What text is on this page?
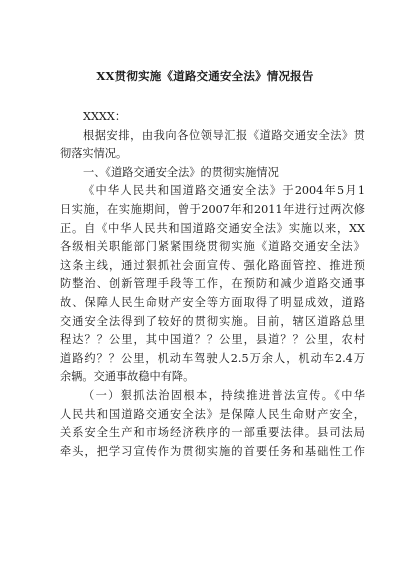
XX贯彻实施《道路交通安全法》情况报告
XXXX：
根据安排，由我向各位领导汇报《道路交通安全法》贯
彻落实情况。
一、《道路交通安全法》的贯彻实施情况
《中华人民共和国道路交通安全法》于2004年5月1
日实施，在实施期间，曾于2007年和2011年进行过两次修
正。自《中华人民共和国道路交通安全法》实施以来，XX
各级相关职能部门紧紧围绕贯彻实施《道路交通安全法》
这条主线，通过狠抓社会面宣传、强化路面管控、推进预
防整治、创新管理手段等工作，在预防和减少道路交通事
故、保障人民生命财产安全等方面取得了明显成效，道路
交通安全法得到了较好的贯彻实施。目前，辖区道路总里
程达？？公里，其中国道？？公里，县道？？公里，农村
道路约？？公里，机动车驾驶人2.5万余人，机动车2.4万
余辆。交通事故稳中有降。
（一）狠抓法治固根本，持续推进普法宣传。《中华
人民共和国道路交通安全法》是保障人民生命财产安全，
关系安全生产和市场经济秩序的一部重要法律。县司法局
牵头，把学习宣传作为贯彻实施的首要任务和基础性工作
